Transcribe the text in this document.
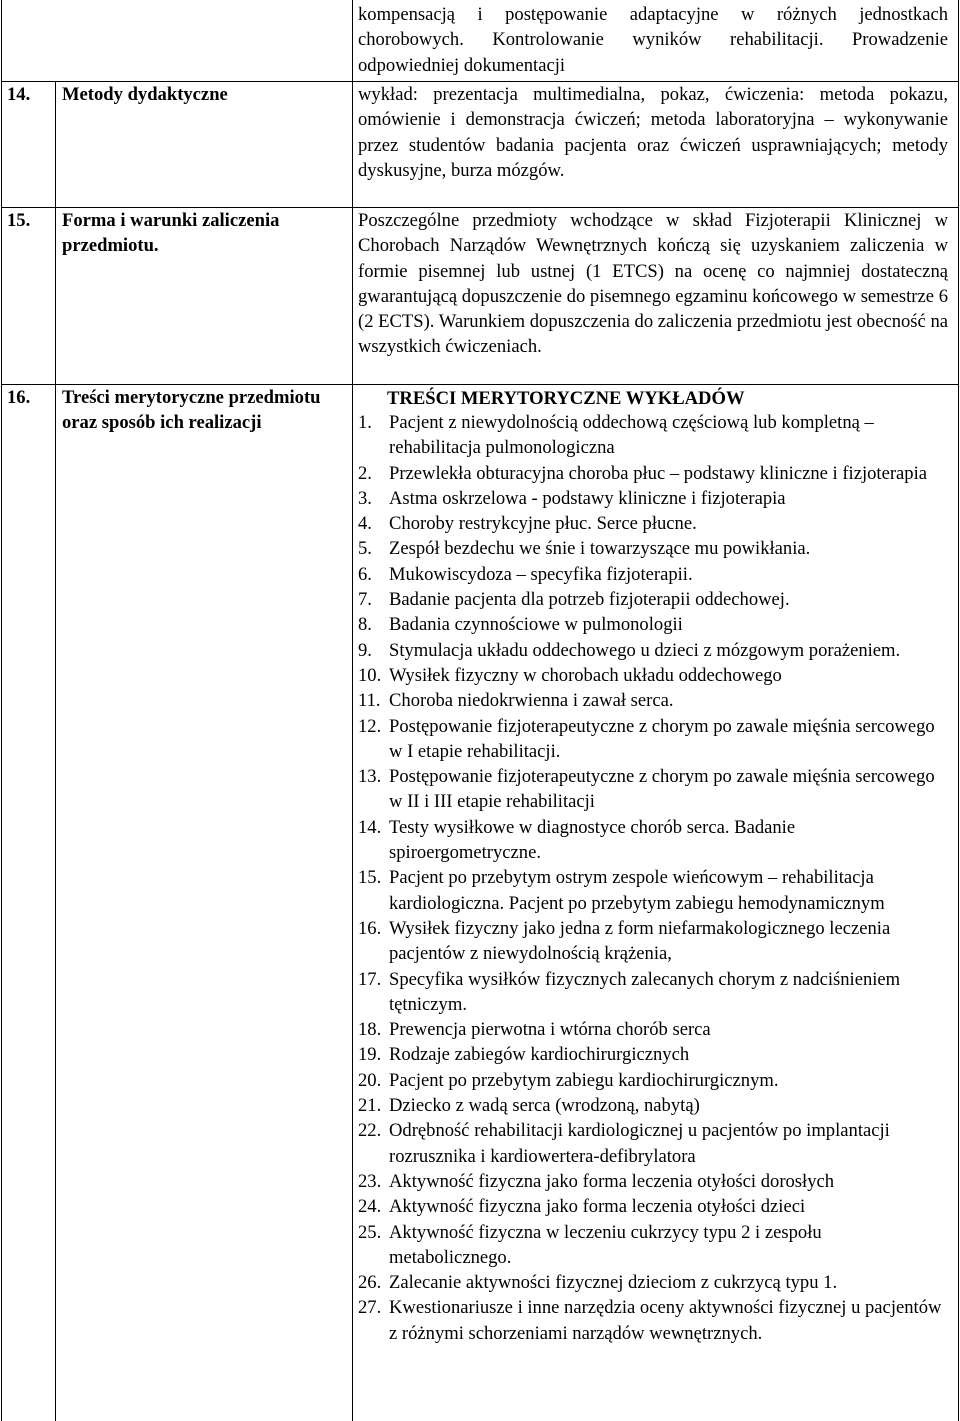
kompensacją i postępowanie adaptacyjne w różnych jednostkach chorobowych. Kontrolowanie wyników rehabilitacji. Prowadzenie odpowiedniej dokumentacji
14. Metody dydaktyczne	wykład: prezentacja multimedialna, pokaz, ćwiczenia: metoda pokazu, omówienie i demonstracja ćwiczeń; metoda laboratoryjna – wykonywanie przez studentów badania pacjenta oraz ćwiczeń usprawniających; metody dyskusyjne, burza mózgów.
15. Forma i warunki zaliczenia przedmiotu.
Poszczególne przedmioty wchodzące w skład Fizjoterapii Klinicznej w Chorobach Narządów Wewnętrznych kończą się uzyskaniem zaliczenia w formie pisemnej lub ustnej (1 ETCS) na ocenę co najmniej dostateczną gwarantującą dopuszczenie do pisemnego egzaminu końcowego w semestrze 6 (2 ECTS). Warunkiem dopuszczenia do zaliczenia przedmiotu jest obecność na wszystkich ćwiczeniach.
16. Treści merytoryczne przedmiotu oraz sposób ich realizacji
TREŚCI MERYTORYCZNE WYKŁADÓW
1. Pacjent z niewydolnością oddechową częściową lub kompletną – rehabilitacja pulmonologiczna
2. Przewlekła obturacyjna choroba płuc – podstawy kliniczne i fizjoterapia
3. Astma oskrzelowa - podstawy kliniczne i fizjoterapia
4. Choroby restrykcyjne płuc. Serce płucne.
5. Zespół bezdechu we śnie i towarzyszące mu powikłania.
6. Mukowiscydoza – specyfika fizjoterapii.
7. Badanie pacjenta dla potrzeb fizjoterapii oddechowej.
8. Badania czynnościowe w pulmonologii
9. Stymulacja układu oddechowego u dzieci z mózgowym porażeniem.
10. Wysiłek fizyczny w chorobach układu oddechowego
11. Choroba niedokrwienna i zawał serca.
12. Postępowanie fizjoterapeutyczne z chorym po zawale mięśnia sercowego w I etapie rehabilitacji.
13. Postępowanie fizjoterapeutyczne z chorym po zawale mięśnia sercowego w II i III etapie rehabilitacji
14. Testy wysiłkowe w diagnostyce chorób serca. Badanie spiroergometryczne.
15. Pacjent po przebytym ostrym zespole wieńcowym – rehabilitacja kardiologiczna. Pacjent po przebytym zabiegu hemodynamicznym
16. Wysiłek fizyczny jako jedna z form niefarmakologicznego leczenia pacjentów z niewydolnością krążenia,
17. Specyfika wysiłków fizycznych zalecanych chorym z nadciśnieniem tętniczym.
18. Prewencja pierwotna i wtórna chorób serca
19. Rodzaje zabiegów kardiochirurgicznych
20. Pacjent po przebytym zabiegu kardiochirurgicznym.
21. Dziecko z wadą serca (wrodzoną, nabytą)
22. Odrębność rehabilitacji kardiologicznej u pacjentów po implantacji rozrusznika i kardiowertera-defibrylatora
23. Aktywność fizyczna jako forma leczenia otyłości dorosłych
24. Aktywność fizyczna jako forma leczenia otyłości dzieci
25. Aktywność fizyczna w leczeniu cukrzycy typu 2 i zespołu metabolicznego.
26. Zalecanie aktywności fizycznej dzieciom z cukrzycą typu 1.
27. Kwestionariusze i inne narzędzia oceny aktywności fizycznej u pacjentów z różnymi schorzeniami narządów wewnętrznych.
